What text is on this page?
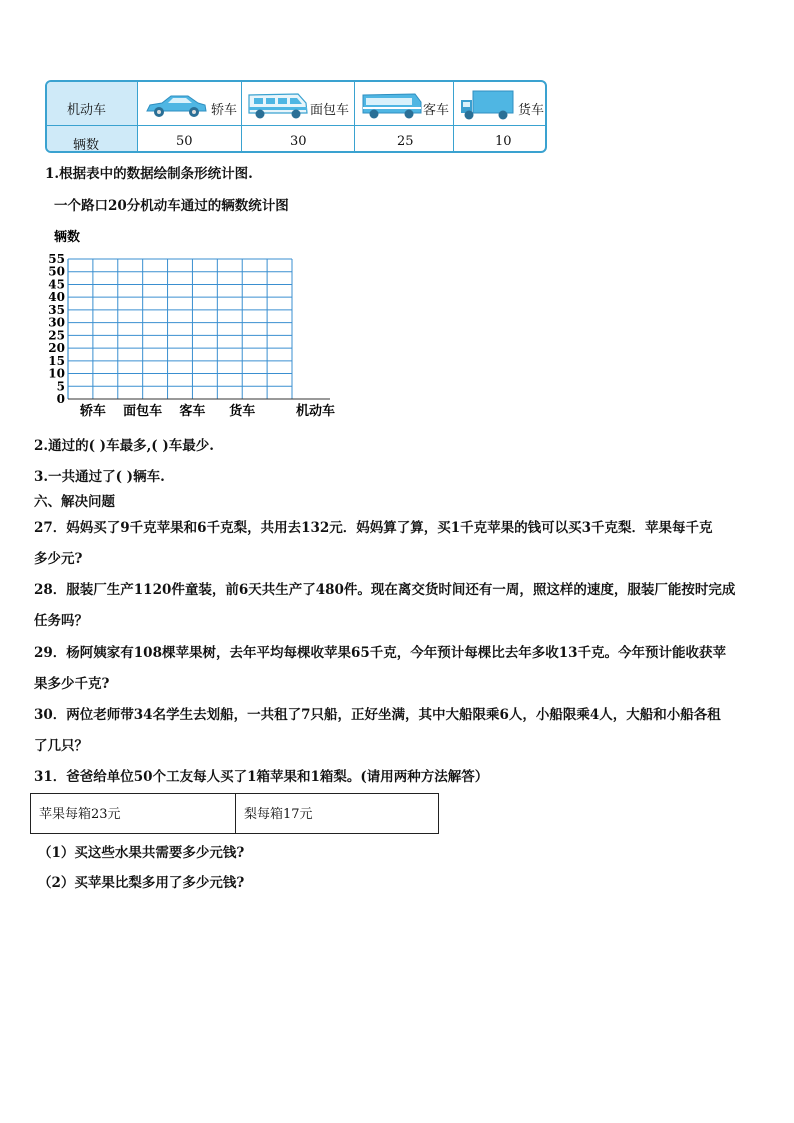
机动车	轿车	面包车	客车	货车
辆数	50	30	25	10
1.根据表中的数据绘制条形统计图.
一个路口20分机动车通过的辆数统计图
0
5
10
15
20
25
30
35
40
45
50
55
轿车 面包车 客车 货车
辆数
机动车
2.通过的( )车最多,( )车最少.
3.一共通过了( )辆车.
六、解决问题
27．妈妈买了9千克苹果和6千克梨，共用去132元．妈妈算了算，买1千克苹果的钱可以买3千克梨．苹果每千克
多少元?
28．服装厂生产1120件童装，前6天共生产了480件。现在离交货时间还有一周，照这样的速度，服装厂能按时完成
任务吗？
29．杨阿姨家有108棵苹果树，去年平均每棵收苹果65千克，今年预计每棵比去年多收13千克。今年预计能收获苹
果多少千克?
30．两位老师带34名学生去划船，一共租了7只船，正好坐满，其中大船限乘6人，小船限乘4人，大船和小船各租
了几只？
31．爸爸给单位50个工友每人买了1箱苹果和1箱梨。(请用两种方法解答）
苹果每箱23元	梨每箱17元
（1）买这些水果共需要多少元钱?
（2）买苹果比梨多用了多少元钱?
